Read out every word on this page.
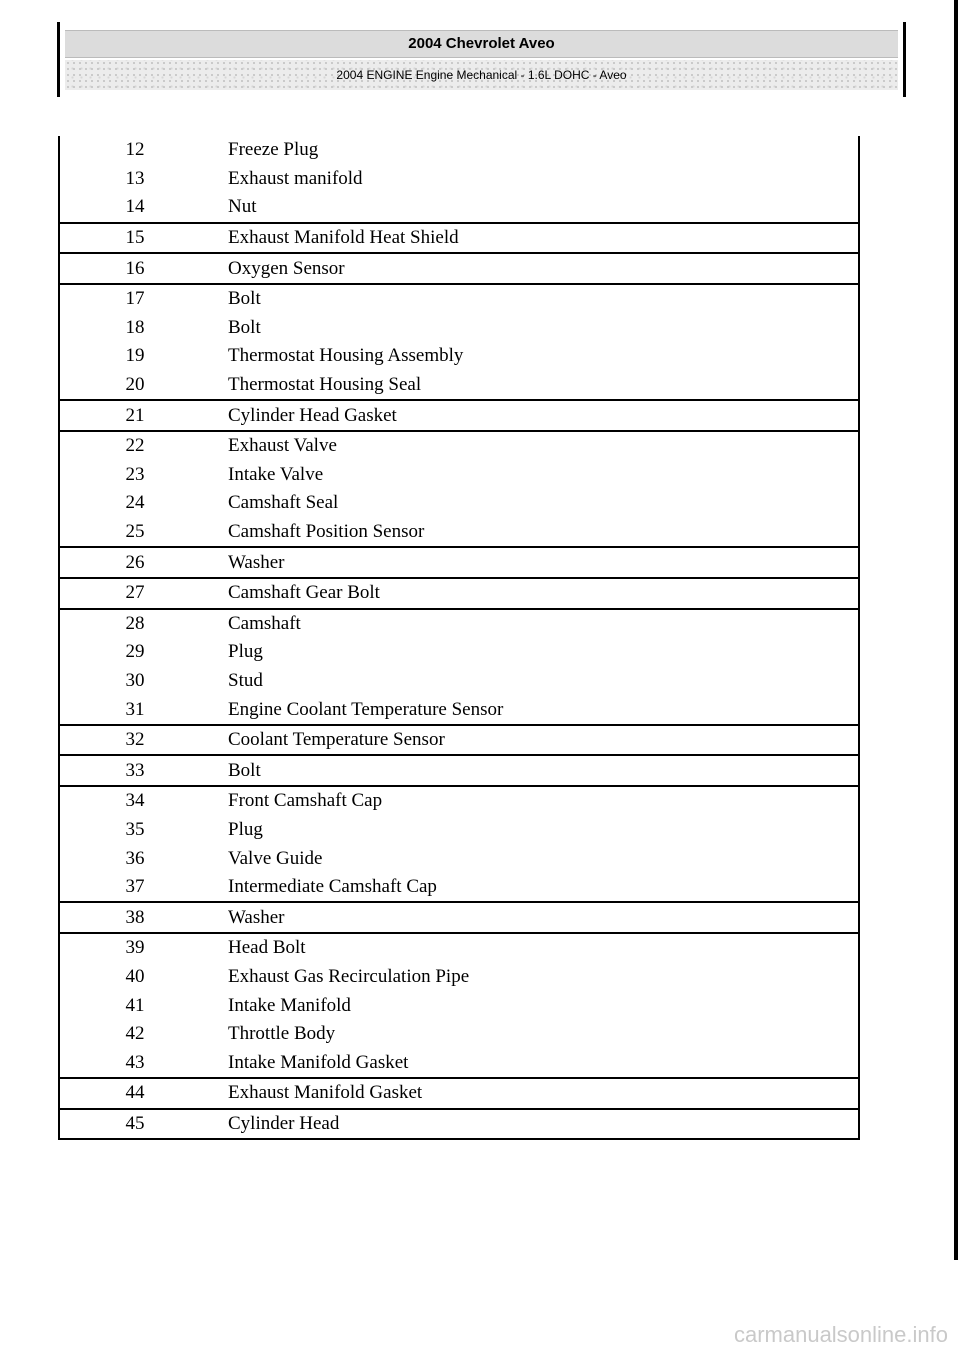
2004 Chevrolet Aveo
2004 ENGINE Engine Mechanical - 1.6L DOHC - Aveo
12	Freeze Plug
13	Exhaust manifold
14	Nut
15	Exhaust Manifold Heat Shield
16	Oxygen Sensor
17	Bolt
18	Bolt
19	Thermostat Housing Assembly
20	Thermostat Housing Seal
21	Cylinder Head Gasket
22	Exhaust Valve
23	Intake Valve
24	Camshaft Seal
25	Camshaft Position Sensor
26	Washer
27	Camshaft Gear Bolt
28	Camshaft
29	Plug
30	Stud
31	Engine Coolant Temperature Sensor
32	Coolant Temperature Sensor
33	Bolt
34	Front Camshaft Cap
35	Plug
36	Valve Guide
37	Intermediate Camshaft Cap
38	Washer
39	Head Bolt
40	Exhaust Gas Recirculation Pipe
41	Intake Manifold
42	Throttle Body
43	Intake Manifold Gasket
44	Exhaust Manifold Gasket
45	Cylinder Head
carmanualsonline.info
